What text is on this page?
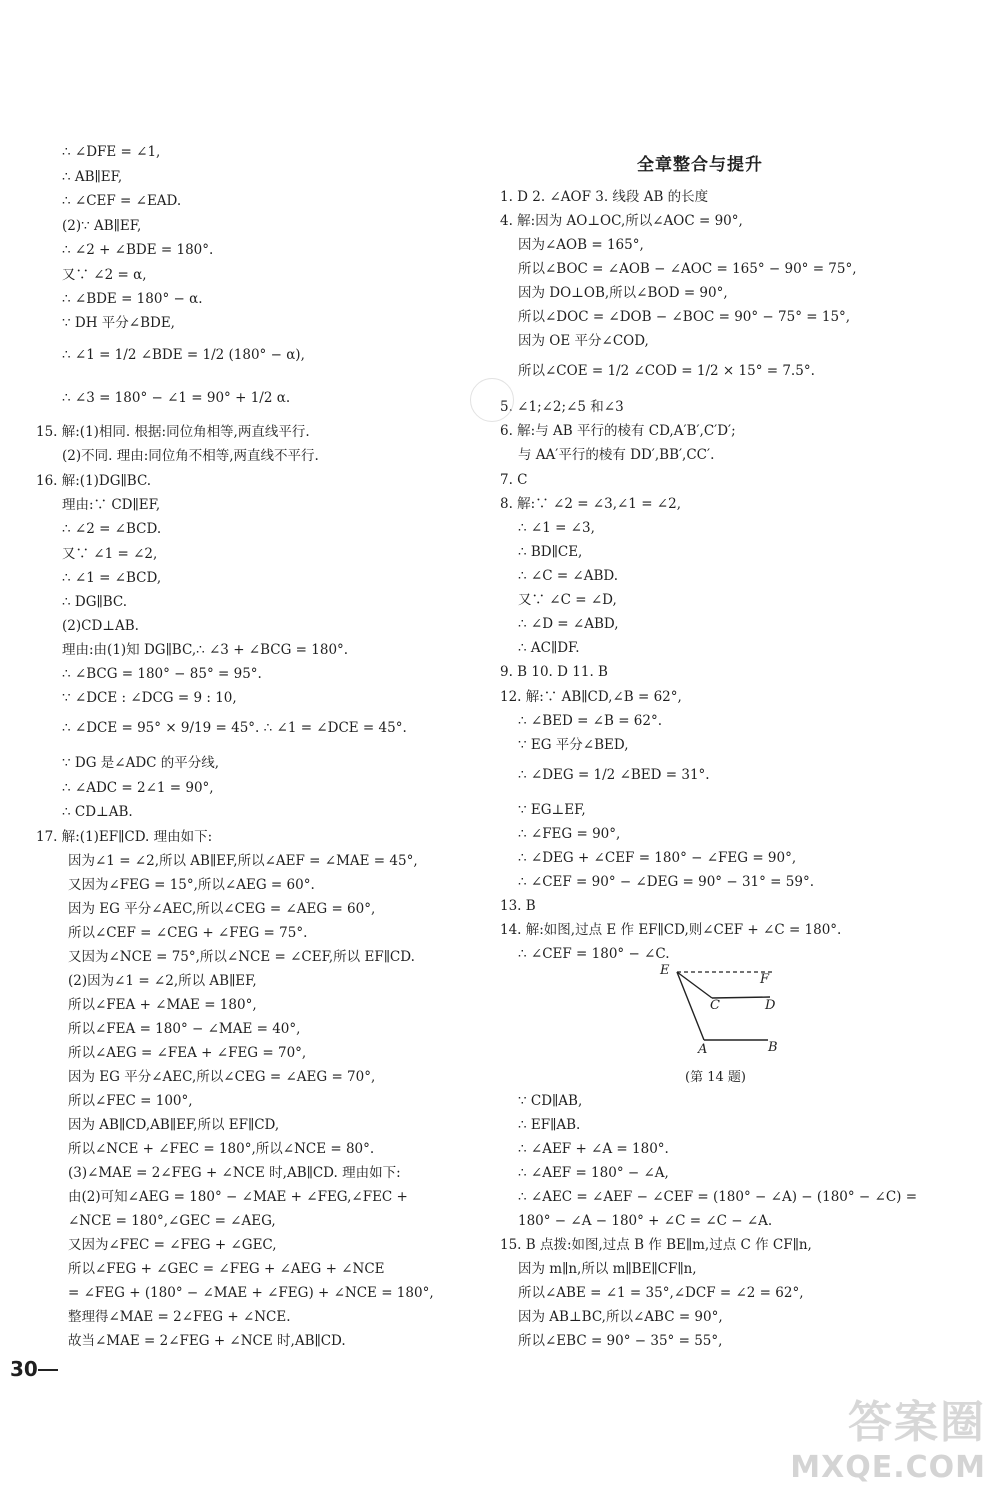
∴ ∠DFE = ∠1,
∴ AB∥EF,
∴ ∠CEF = ∠EAD.
(2)∵ AB∥EF,
∴ ∠2 + ∠BDE = 180°.
又∵ ∠2 = α,
∴ ∠BDE = 180° − α.
∵ DH 平分∠BDE,
∴ ∠1 = 1/2 ∠BDE = 1/2 (180° − α),
∴ ∠3 = 180° − ∠1 = 90° + 1/2 α.
15. 解:(1)相同. 根据:同位角相等,两直线平行.
(2)不同. 理由:同位角不相等,两直线不平行.
16. 解:(1)DG∥BC.
理由:∵ CD∥EF,
∴ ∠2 = ∠BCD.
又∵ ∠1 = ∠2,
∴ ∠1 = ∠BCD,
∴ DG∥BC.
(2)CD⊥AB.
理由:由(1)知 DG∥BC,∴ ∠3 + ∠BCG = 180°.
∴ ∠BCG = 180° − 85° = 95°.
∵ ∠DCE : ∠DCG = 9 : 10,
∴ ∠DCE = 95° × 9/19 = 45°. ∴ ∠1 = ∠DCE = 45°.
∵ DG 是∠ADC 的平分线,
∴ ∠ADC = 2∠1 = 90°,
∴ CD⊥AB.
17. 解:(1)EF∥CD. 理由如下:
因为∠1 = ∠2,所以 AB∥EF,所以∠AEF = ∠MAE = 45°,
又因为∠FEG = 15°,所以∠AEG = 60°.
因为 EG 平分∠AEC,所以∠CEG = ∠AEG = 60°,
所以∠CEF = ∠CEG + ∠FEG = 75°.
又因为∠NCE = 75°,所以∠NCE = ∠CEF,所以 EF∥CD.
(2)因为∠1 = ∠2,所以 AB∥EF,
所以∠FEA + ∠MAE = 180°,
所以∠FEA = 180° − ∠MAE = 40°,
所以∠AEG = ∠FEA + ∠FEG = 70°,
因为 EG 平分∠AEC,所以∠CEG = ∠AEG = 70°,
所以∠FEC = 100°,
因为 AB∥CD,AB∥EF,所以 EF∥CD,
所以∠NCE + ∠FEC = 180°,所以∠NCE = 80°.
(3)∠MAE = 2∠FEG + ∠NCE 时,AB∥CD. 理由如下:
由(2)可知∠AEG = 180° − ∠MAE + ∠FEG,∠FEC +
∠NCE = 180°,∠GEC = ∠AEG,
又因为∠FEC = ∠FEG + ∠GEC,
所以∠FEG + ∠GEC = ∠FEG + ∠AEG + ∠NCE
= ∠FEG + (180° − ∠MAE + ∠FEG) + ∠NCE = 180°,
整理得∠MAE = 2∠FEG + ∠NCE.
故当∠MAE = 2∠FEG + ∠NCE 时,AB∥CD.
全章整合与提升
1. D 2. ∠AOF 3. 线段 AB 的长度
4. 解:因为 AO⊥OC,所以∠AOC = 90°,
因为∠AOB = 165°,
所以∠BOC = ∠AOB − ∠AOC = 165° − 90° = 75°,
因为 DO⊥OB,所以∠BOD = 90°,
所以∠DOC = ∠DOB − ∠BOC = 90° − 75° = 15°,
因为 OE 平分∠COD,
所以∠COE = 1/2 ∠COD = 1/2 × 15° = 7.5°.
5. ∠1;∠2;∠5 和∠3
6. 解:与 AB 平行的棱有 CD,A′B′,C′D′;
与 AA′平行的棱有 DD′,BB′,CC′.
7. C
8. 解:∵ ∠2 = ∠3,∠1 = ∠2,
∴ ∠1 = ∠3,
∴ BD∥CE,
∴ ∠C = ∠ABD.
又∵ ∠C = ∠D,
∴ ∠D = ∠ABD,
∴ AC∥DF.
9. B 10. D 11. B
12. 解:∵ AB∥CD,∠B = 62°,
∴ ∠BED = ∠B = 62°.
∵ EG 平分∠BED,
∴ ∠DEG = 1/2 ∠BED = 31°.
∵ EG⊥EF,
∴ ∠FEG = 90°,
∴ ∠DEG + ∠CEF = 180° − ∠FEG = 90°,
∴ ∠CEF = 90° − ∠DEG = 90° − 31° = 59°.
13. B
14. 解:如图,过点 E 作 EF∥CD,则∠CEF + ∠C = 180°.
∴ ∠CEF = 180° − ∠C.
∵ CD∥AB,
∴ EF∥AB.
∴ ∠AEF + ∠A = 180°.
∴ ∠AEF = 180° − ∠A,
∴ ∠AEC = ∠AEF − ∠CEF = (180° − ∠A) − (180° − ∠C) =
180° − ∠A − 180° + ∠C = ∠C − ∠A.
15. B 点拨:如图,过点 B 作 BE∥m,过点 C 作 CF∥n,
因为 m∥n,所以 m∥BE∥CF∥n,
所以∠ABE = ∠1 = 35°,∠DCF = ∠2 = 62°,
因为 AB⊥BC,所以∠ABC = 90°,
所以∠EBC = 90° − 35° = 55°,
E
F
C	D
A	B
(第 14 题)
30
答案圈
MXQE.COM
